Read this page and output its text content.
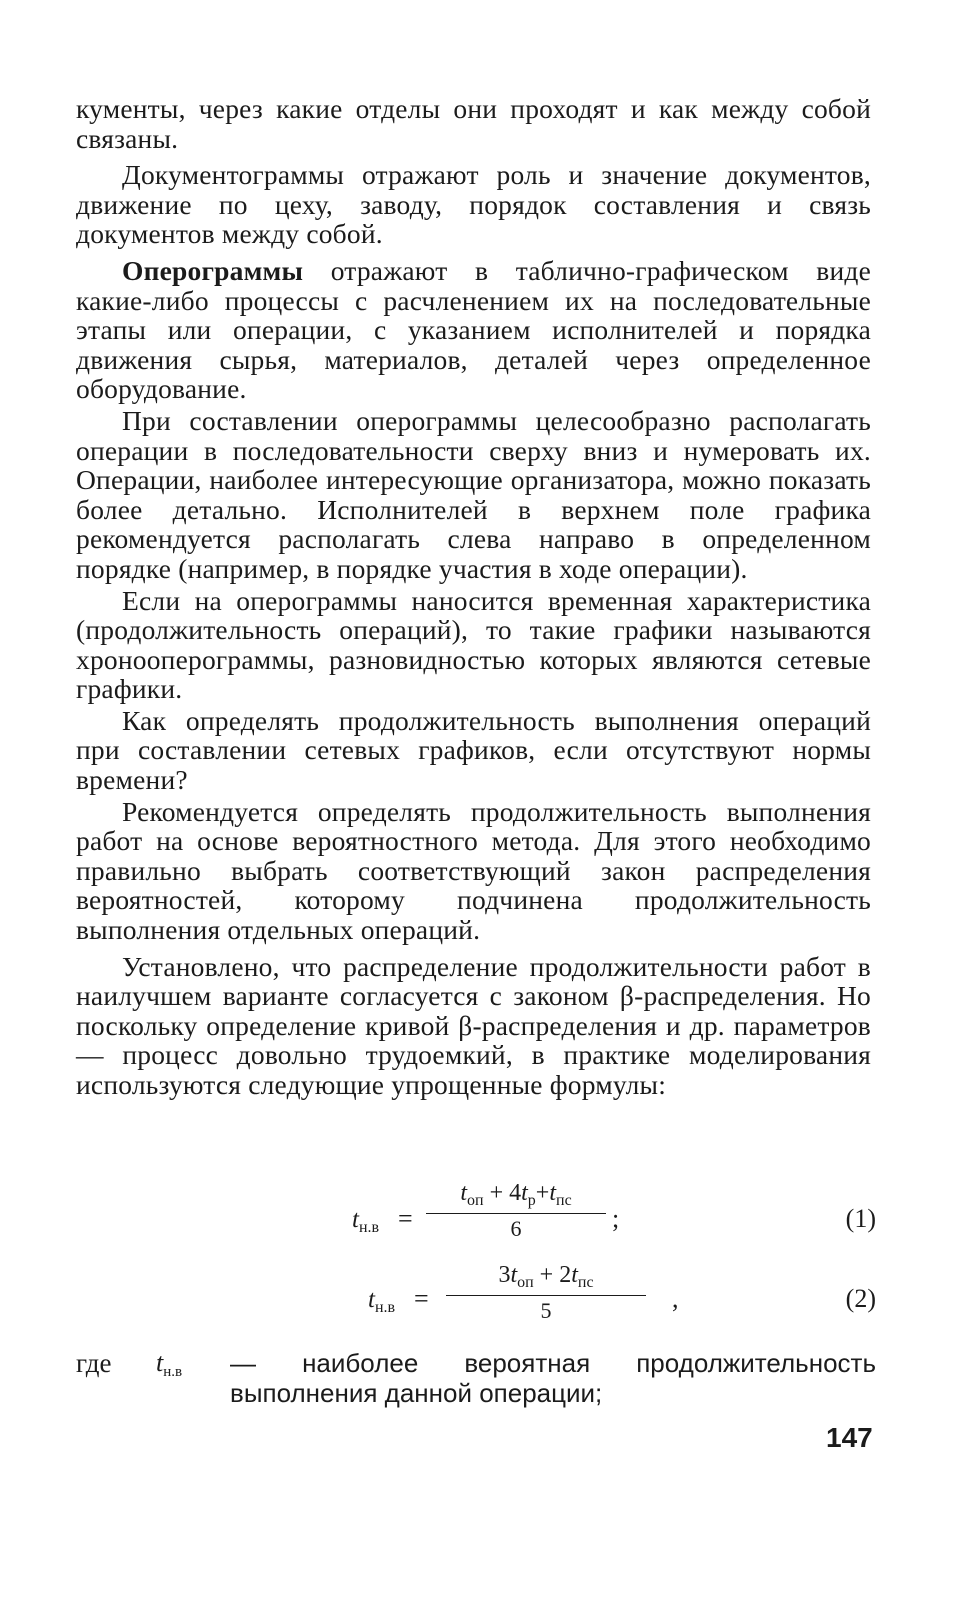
кументы, через какие отделы они проходят и как между собой связаны.

Документограммы отражают роль и значение документов, движение по цеху, заводу, порядок составления и связь документов между собой.

Оперограммы отражают в таблично-графическом виде какие-либо процессы с расчленением их на последовательные этапы или операции, с указанием исполнителей и порядка движения сырья, материалов, деталей через определенное оборудование.

При составлении оперограммы целесообразно располагать операции в последовательности сверху вниз и нумеровать их. Операции, наиболее интересующие организатора, можно показать более детально. Исполнителей в верхнем поле графика рекомендуется располагать слева направо в определенном порядке (например, в порядке участия в ходе операции).

Если на оперограммы наносится временная характеристика (продолжительность операций), то такие графики называются хронооперограммы, разновидностью которых являются сетевые графики.

Как определять продолжительность выполнения операций при составлении сетевых графиков, если отсутствуют нормы времени?

Рекомендуется определять продолжительность выполнения работ на основе вероятностного метода. Для этого необходимо правильно выбрать соответствующий закон распределения вероятностей, которому подчинена продолжительность выполнения отдельных операций.

Установлено, что распределение продолжительности работ в наилучшем варианте согласуется с законом β-распределения. Но поскольку определение кривой β-распределения и др. параметров — процесс довольно трудоемкий, в практике моделирования используются следующие упрощенные формулы:

$t_{н.в}$ =
$t_{оп} + 4t_р+t_{пс}$
6	;	(1)
$t_{н.в}$ =
$3t_{оп} + 2t_{пс}$
5	,	(2)
где $t_{н.в}$ — наиболее вероятная продолжительность выполнения данной операции;
147
